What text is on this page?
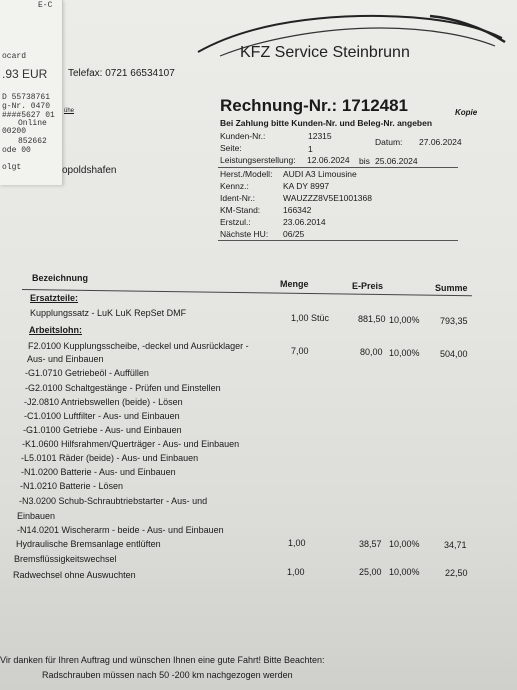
E-C
ocard
.93 EUR
D 55738761
g-Nr. 0470
####5627 01
Online
00200
852662
ode 00
olgt
ühe
KFZ Service Steinbrunn
Telefax: 0721 66534107
opoldshafen
Rechnung-Nr.: 1712481	Kopie
Bei Zahlung bitte Kunden-Nr. und Beleg-Nr. angeben
Kunden-Nr.:	12315
Datum: 27.06.2024
Seite:	1
Leistungserstellung: 12.06.2024 bis 25.06.2024
Herst./Modell: AUDI A3 Limousine
Kennz.:	KA DY 8997
Ident-Nr.:	WAUZZZ8V5E1001368
KM-Stand:	166342
Erstzul.:	23.06.2014
Nächste HU: 06/25
Bezeichnung
Menge	E-Preis	Summe
Ersatzteile:
Kupplungssatz - LuK LuK RepSet DMF	1,00 Stüc	881,50 10,00% 793,35
Arbeitslohn:
F2.0100 Kupplungsscheibe, -deckel und Ausrücklager -	7,00	80,00 10,00% 504,00
Aus- und Einbauen
-G1.0710 Getriebeöl - Auffüllen
-G2.0100 Schaltgestänge - Prüfen und Einstellen
-J2.0810 Antriebswellen (beide) - Lösen
-C1.0100 Luftfilter - Aus- und Einbauen
-G1.0100 Getriebe - Aus- und Einbauen
-K1.0600 Hilfsrahmen/Querträger - Aus- und Einbauen
-L5.0101 Räder (beide) - Aus- und Einbauen
-N1.0200 Batterie - Aus- und Einbauen
-N1.0210 Batterie - Lösen
-N3.0200 Schub-Schraubtriebstarter - Aus- und
Einbauen
-N14.0201 Wischerarm - beide - Aus- und Einbauen
Hydraulische Bremsanlage entlüften	1,00	38,57 10,00%	34,71
Bremsflüssigkeitswechsel
Radwechsel ohne Auswuchten	1,00	25,00 10,00%	22,50
Vir danken für Ihren Auftrag und wünschen Ihnen eine gute Fahrt! Bitte Beachten:
Radschrauben müssen nach 50 -200 km nachgezogen werden
